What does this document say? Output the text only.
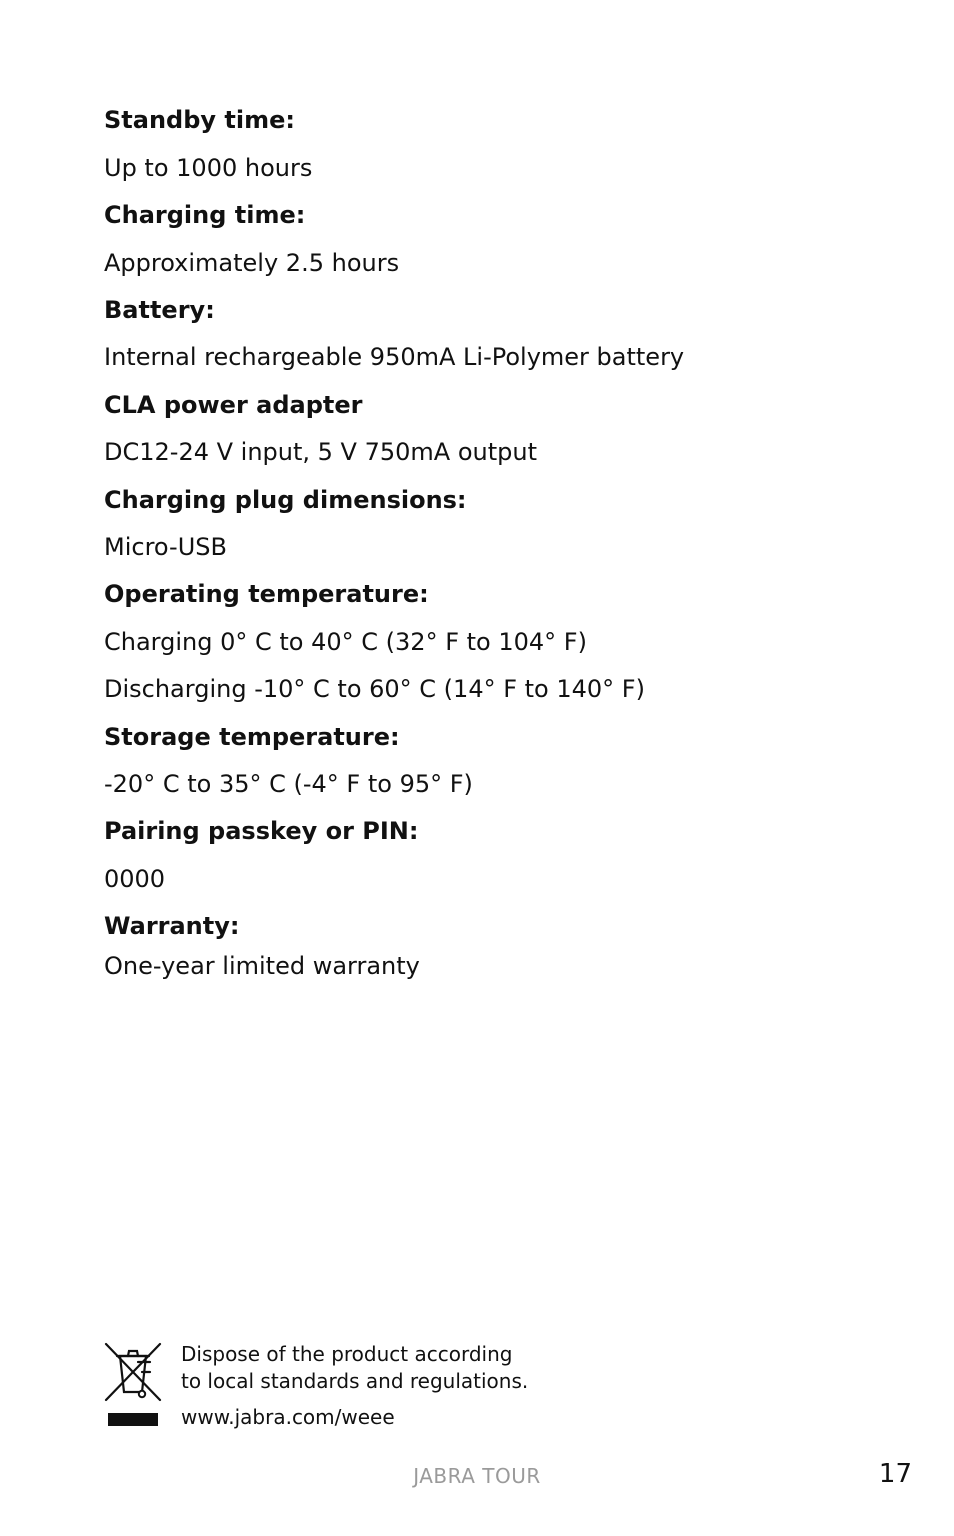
Standby time:
Up to 1000 hours
Charging time:
Approximately 2.5 hours
Battery:
Internal rechargeable 950mA Li-Polymer battery
CLA power adapter
DC12-24 V input, 5 V 750mA output
Charging plug dimensions:
Micro-USB
Operating temperature:
Charging 0° C to 40° C (32° F to 104° F)
Discharging -10° C to 60° C (14° F to 140° F)
Storage temperature:
-20° C to 35° C (-4° F to 95° F)
Pairing passkey or PIN:
0000
Warranty:
One-year limited warranty
Dispose of the product according
to local standards and regulations.
www.jabra.com/weee
JABRA TOUR	17
